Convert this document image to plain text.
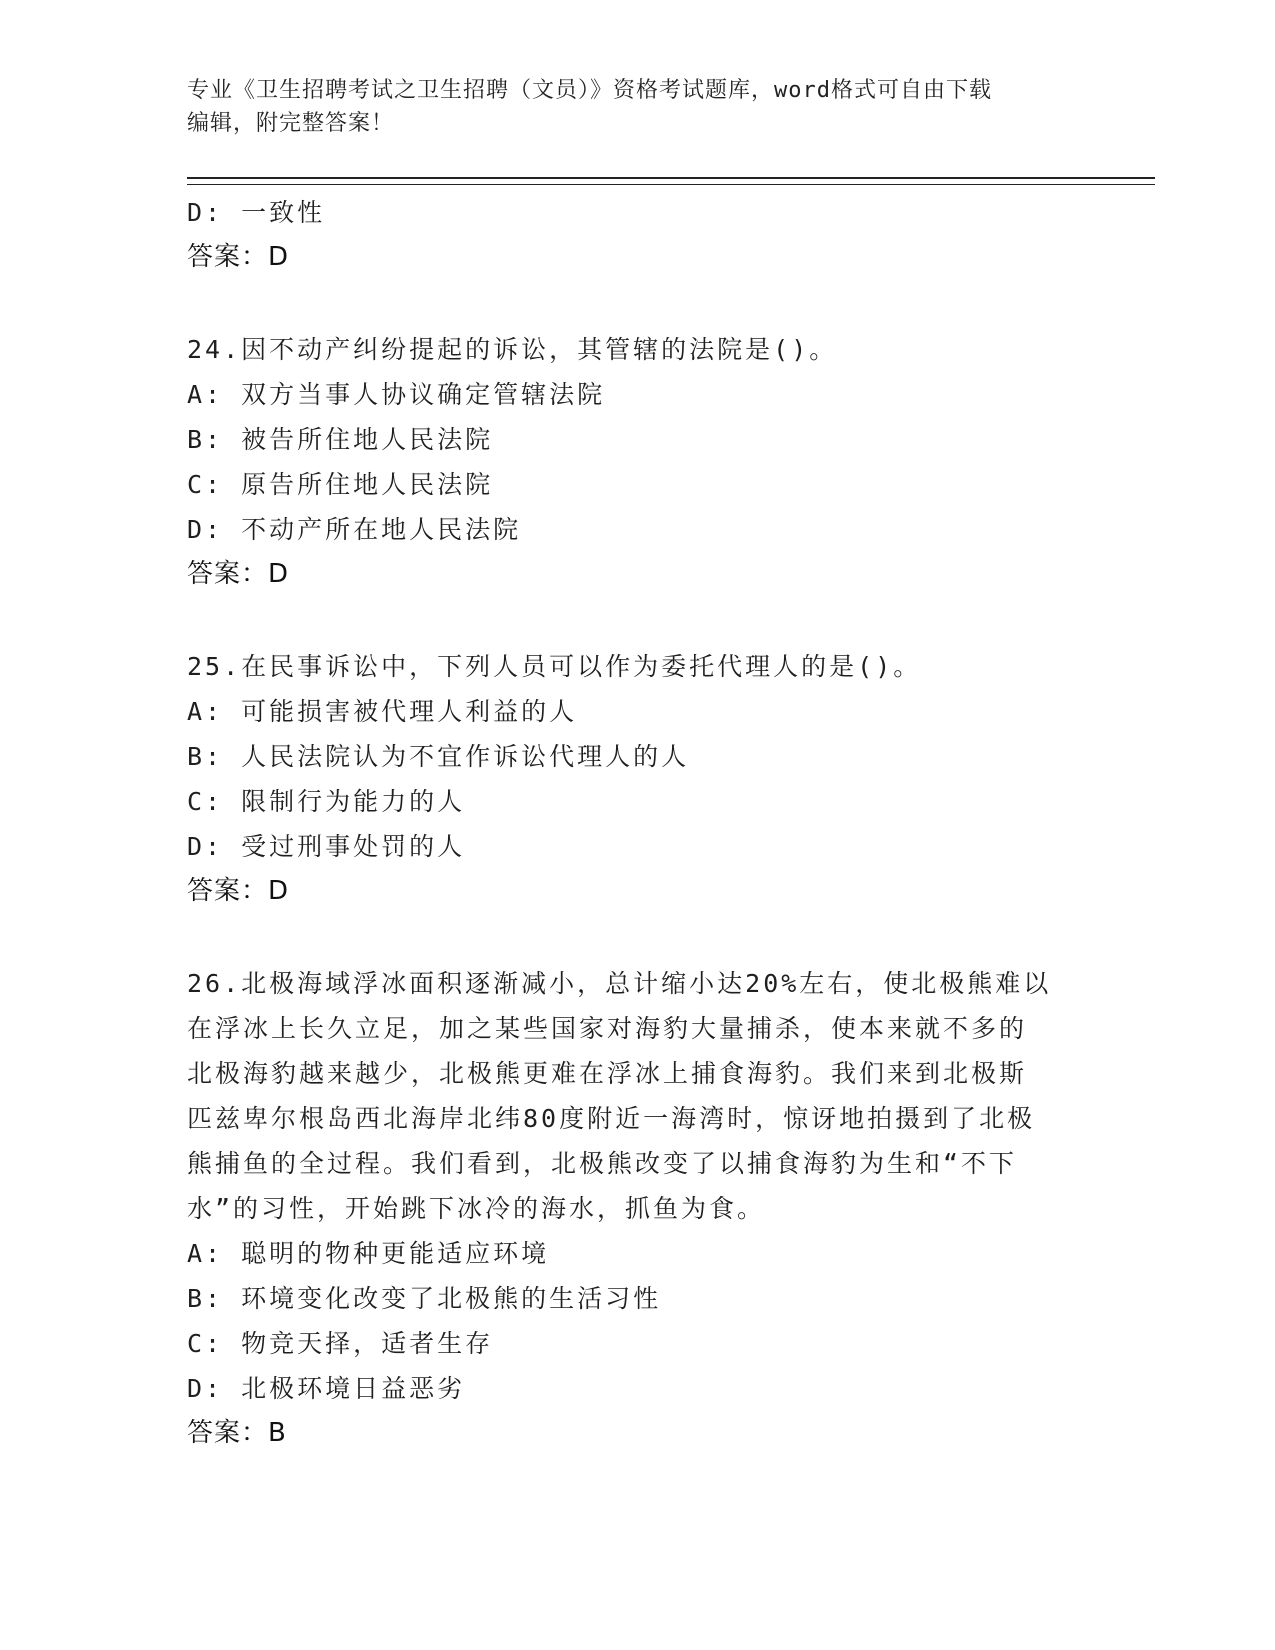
专业《卫生招聘考试之卫生招聘（文员）》资格考试题库，word格式可自由下载
编辑，附完整答案！
D: 一致性
答案：D
24.因不动产纠纷提起的诉讼，其管辖的法院是()。
A: 双方当事人协议确定管辖法院
B: 被告所住地人民法院
C: 原告所住地人民法院
D: 不动产所在地人民法院
答案：D
25.在民事诉讼中，下列人员可以作为委托代理人的是()。
A: 可能损害被代理人利益的人
B: 人民法院认为不宜作诉讼代理人的人
C: 限制行为能力的人
D: 受过刑事处罚的人
答案：D
26.北极海域浮冰面积逐渐减小，总计缩小达20%左右，使北极熊难以
在浮冰上长久立足，加之某些国家对海豹大量捕杀，使本来就不多的
北极海豹越来越少，北极熊更难在浮冰上捕食海豹。我们来到北极斯
匹兹卑尔根岛西北海岸北纬80度附近一海湾时，惊讶地拍摄到了北极
熊捕鱼的全过程。我们看到，北极熊改变了以捕食海豹为生和“不下
水”的习性，开始跳下冰冷的海水，抓鱼为食。
A: 聪明的物种更能适应环境
B: 环境变化改变了北极熊的生活习性
C: 物竞天择，适者生存
D: 北极环境日益恶劣
答案：B
